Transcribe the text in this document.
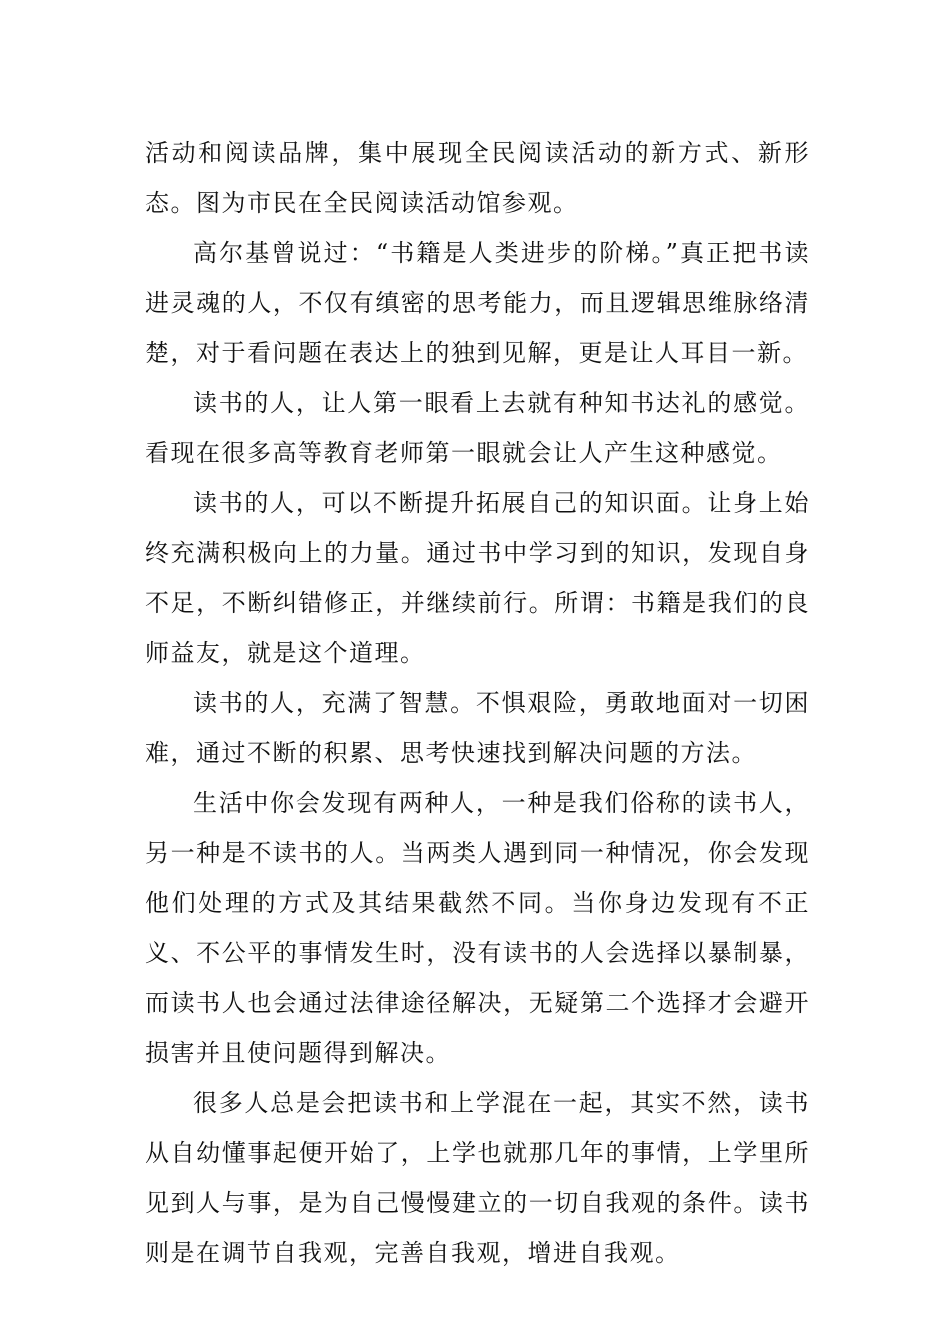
活动和阅读品牌，集中展现全民阅读活动的新方式、新形态。图为市民在全民阅读活动馆参观。

高尔基曾说过：“书籍是人类进步的阶梯。”真正把书读进灵魂的人，不仅有缜密的思考能力，而且逻辑思维脉络清楚，对于看问题在表达上的独到见解，更是让人耳目一新。

读书的人，让人第一眼看上去就有种知书达礼的感觉。看现在很多高等教育老师第一眼就会让人产生这种感觉。

读书的人，可以不断提升拓展自己的知识面。让身上始终充满积极向上的力量。通过书中学习到的知识，发现自身不足，不断纠错修正，并继续前行。所谓：书籍是我们的良师益友，就是这个道理。

读书的人，充满了智慧。不惧艰险，勇敢地面对一切困难，通过不断的积累、思考快速找到解决问题的方法。

生活中你会发现有两种人，一种是我们俗称的读书人，另一种是不读书的人。当两类人遇到同一种情况，你会发现他们处理的方式及其结果截然不同。当你身边发现有不正义、不公平的事情发生时，没有读书的人会选择以暴制暴，而读书人也会通过法律途径解决，无疑第二个选择才会避开损害并且使问题得到解决。

很多人总是会把读书和上学混在一起，其实不然，读书从自幼懂事起便开始了，上学也就那几年的事情，上学里所见到人与事，是为自己慢慢建立的一切自我观的条件。读书则是在调节自我观，完善自我观，增进自我观。
